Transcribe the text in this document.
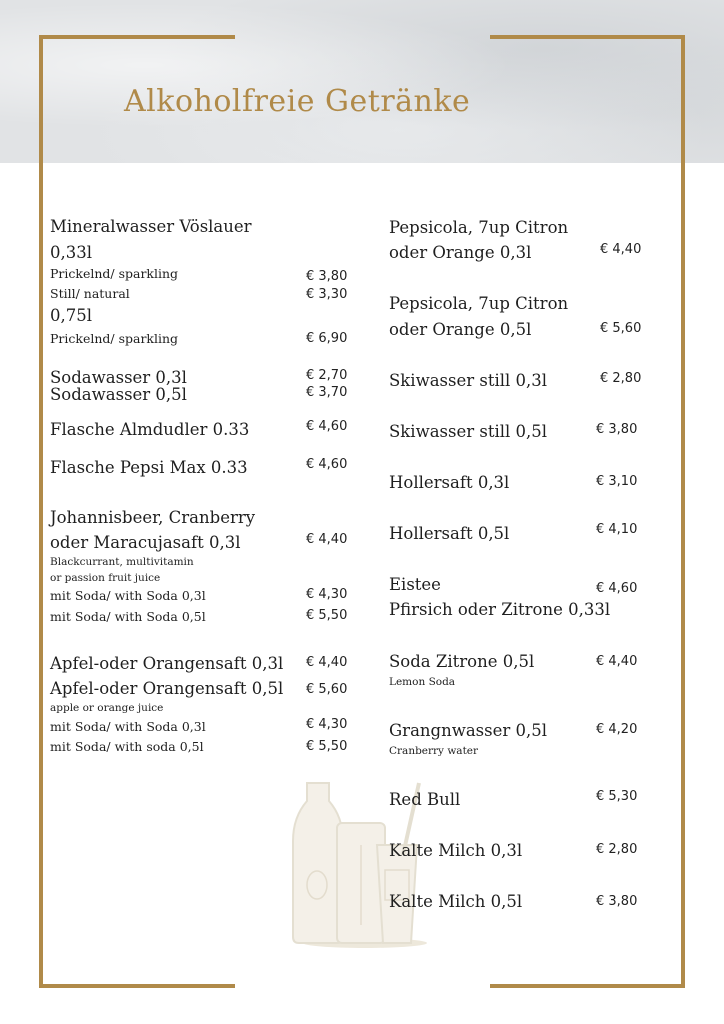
Alkoholfreie Getränke
Mineralwasser Vöslauer
0,33l
Prickelnd/ sparkling	€ 3,80
Still/ natural	€ 3,30
0,75l
Prickelnd/ sparkling	€ 6,90
Sodawasser 0,3l	€ 2,70
Sodawasser 0,5l	€ 3,70
Flasche Almdudler 0.33	€ 4,60
Flasche Pepsi Max 0.33	€ 4,60
Johannisbeer, Cranberry
oder Maracujasaft 0,3l	€ 4,40
Blackcurrant, multivitamin
or passion fruit juice
mit Soda/ with Soda 0,3l	€ 4,30
mit Soda/ with Soda 0,5l	€ 5,50
Apfel-oder Orangensaft 0,3l € 4,40
Apfel-oder Orangensaft 0,5l € 5,60
apple or orange juice
mit Soda/ with Soda 0,3l	€ 4,30
mit Soda/ with soda 0,5l	€ 5,50
Pepsicola, 7up Citron
oder Orange 0,3l	€ 4,40
Pepsicola, 7up Citron
oder Orange 0,5l	€ 5,60
Skiwasser still 0,3l	€ 2,80
Skiwasser still 0,5l	€ 3,80
Hollersaft 0,3l	€ 3,10
Hollersaft 0,5l	€ 4,10
Eistee
Pfirsich oder Zitrone 0,33l
€ 4,60
Soda Zitrone 0,5l	€ 4,40
Lemon Soda
Grangnwasser 0,5l	€ 4,20
Cranberry water
Red Bull	€ 5,30
Kalte Milch 0,3l	€ 2,80
Kalte Milch 0,5l	€ 3,80
